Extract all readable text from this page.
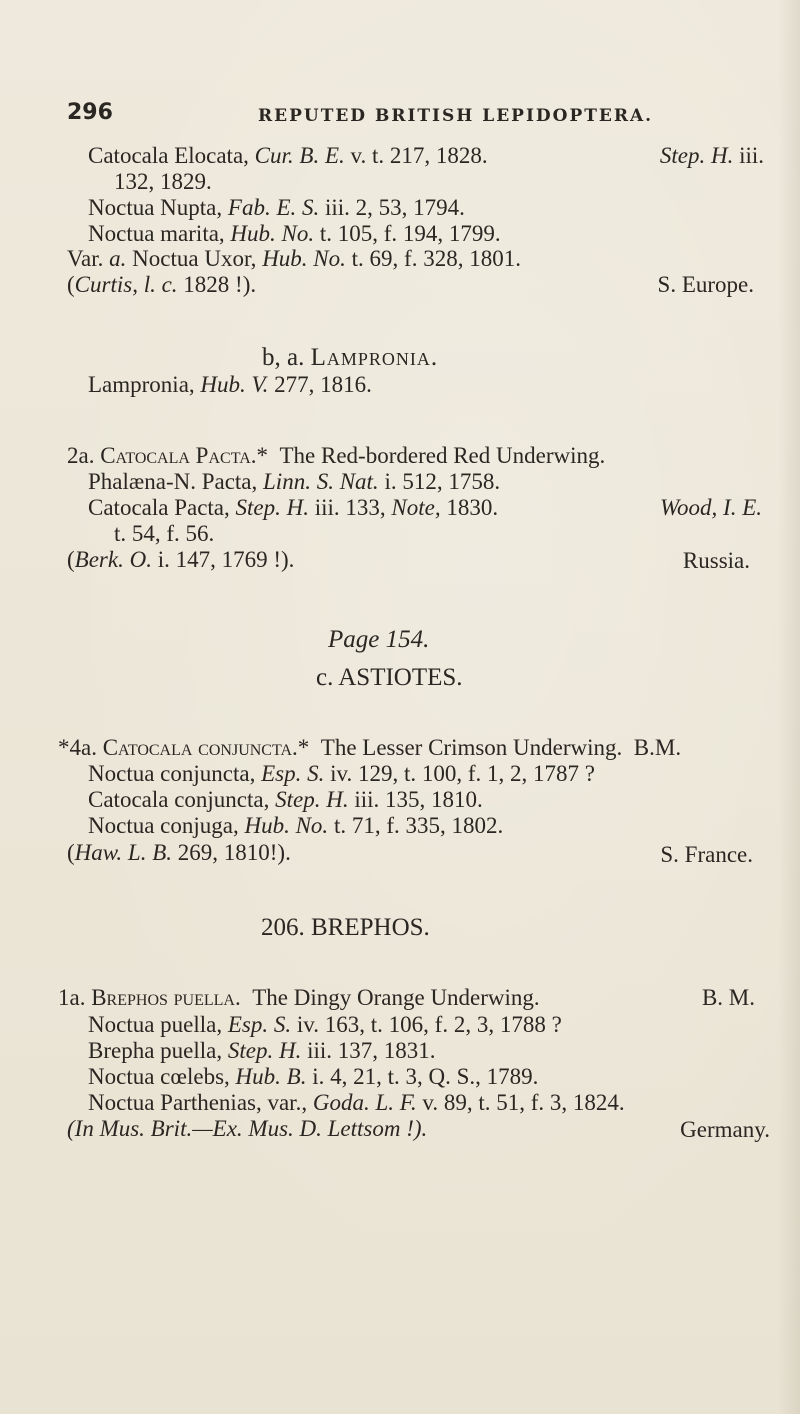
296	REPUTED BRITISH LEPIDOPTERA.
Catocala Elocata, Cur. B. E. v. t. 217, 1828.	Step. H. iii.
132, 1829.
Noctua Nupta, Fab. E. S. iii. 2, 53, 1794.
Noctua marita, Hub. No. t. 105, f. 194, 1799.
Var. a. Noctua Uxor, Hub. No. t. 69, f. 328, 1801.
(Curtis, l. c. 1828 !).	S. Europe.
b, a. Lampronia.
Lampronia, Hub. V. 277, 1816.
2a. Catocala Pacta.* The Red-bordered Red Underwing.
Phalæna-N. Pacta, Linn. S. Nat. i. 512, 1758.
Catocala Pacta, Step. H. iii. 133, Note, 1830.	Wood, I. E.
t. 54, f. 56.
(Berk. O. i. 147, 1769 !).	Russia.
Page 154.
c. ASTIOTES.
*4a. Catocala conjuncta.* The Lesser Crimson Underwing. B.M.
Noctua conjuncta, Esp. S. iv. 129, t. 100, f. 1, 2, 1787 ?
Catocala conjuncta, Step. H. iii. 135, 1810.
Noctua conjuga, Hub. No. t. 71, f. 335, 1802.
(Haw. L. B. 269, 1810!).	S. France.
206. BREPHOS.
1a. Brephos puella. The Dingy Orange Underwing.	B. M.
Noctua puella, Esp. S. iv. 163, t. 106, f. 2, 3, 1788 ?
Brepha puella, Step. H. iii. 137, 1831.
Noctua cœlebs, Hub. B. i. 4, 21, t. 3, Q. S., 1789.
Noctua Parthenias, var., Goda. L. F. v. 89, t. 51, f. 3, 1824.
(In Mus. Brit.—Ex. Mus. D. Lettsom !).	Germany.
